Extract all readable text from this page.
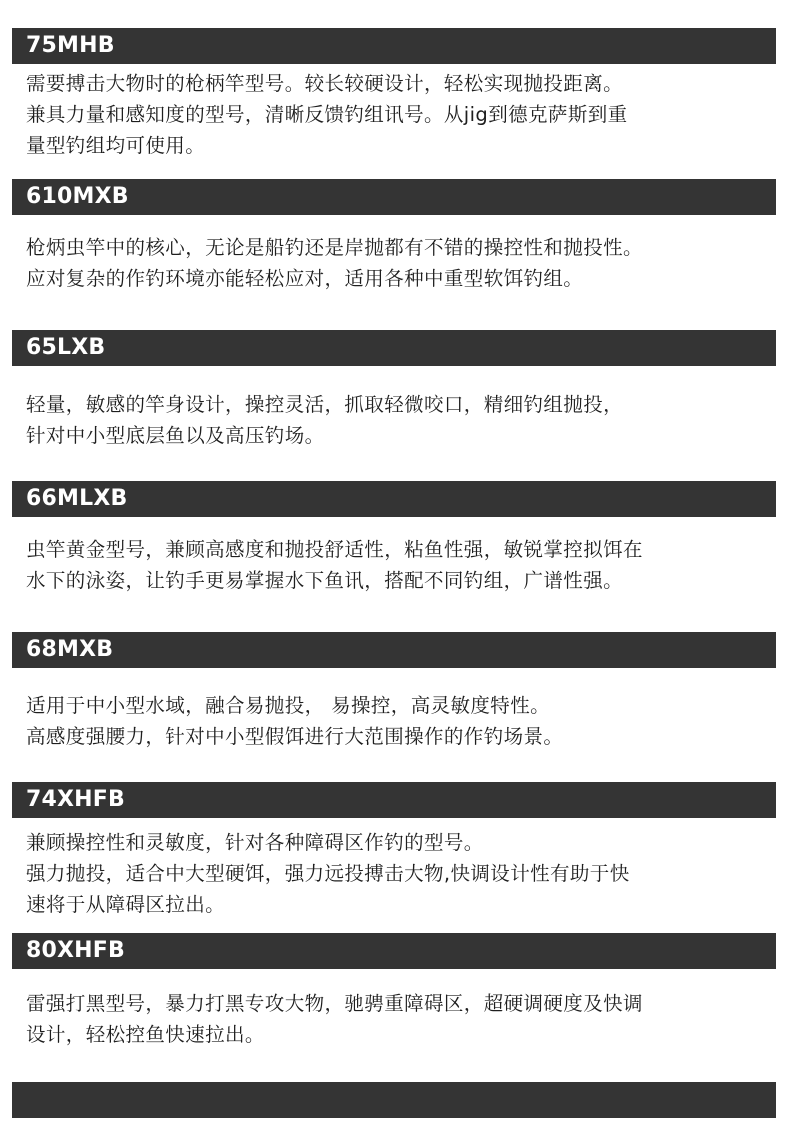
75MHB

需要搏击大物时的枪柄竿型号。较长较硬设计，轻松实现抛投距离。

兼具力量和感知度的型号，清晰反馈钓组讯号。从jig到德克萨斯到重

量型钓组均可使用。

610MXB

枪炳虫竿中的核心，无论是船钓还是岸抛都有不错的操控性和抛投性。

应对复杂的作钓环境亦能轻松应对，适用各种中重型软饵钓组。

65LXB

轻量，敏感的竿身设计，操控灵活，抓取轻微咬口，精细钓组抛投，

针对中小型底层鱼以及高压钓场。

66MLXB

虫竿黄金型号，兼顾高感度和抛投舒适性，粘鱼性强，敏锐掌控拟饵在

水下的泳姿，让钓手更易掌握水下鱼讯，搭配不同钓组，广谱性强。

68MXB

适用于中小型水域，融合易抛投， 易操控，高灵敏度特性。

高感度强腰力，针对中小型假饵进行大范围操作的作钓场景。

74XHFB

兼顾操控性和灵敏度，针对各种障碍区作钓的型号。

强力抛投，适合中大型硬饵，强力远投搏击大物,快调设计性有助于快

速将于从障碍区拉出。

80XHFB

雷强打黑型号，暴力打黑专攻大物，驰骋重障碍区，超硬调硬度及快调

设计，轻松控鱼快速拉出。
